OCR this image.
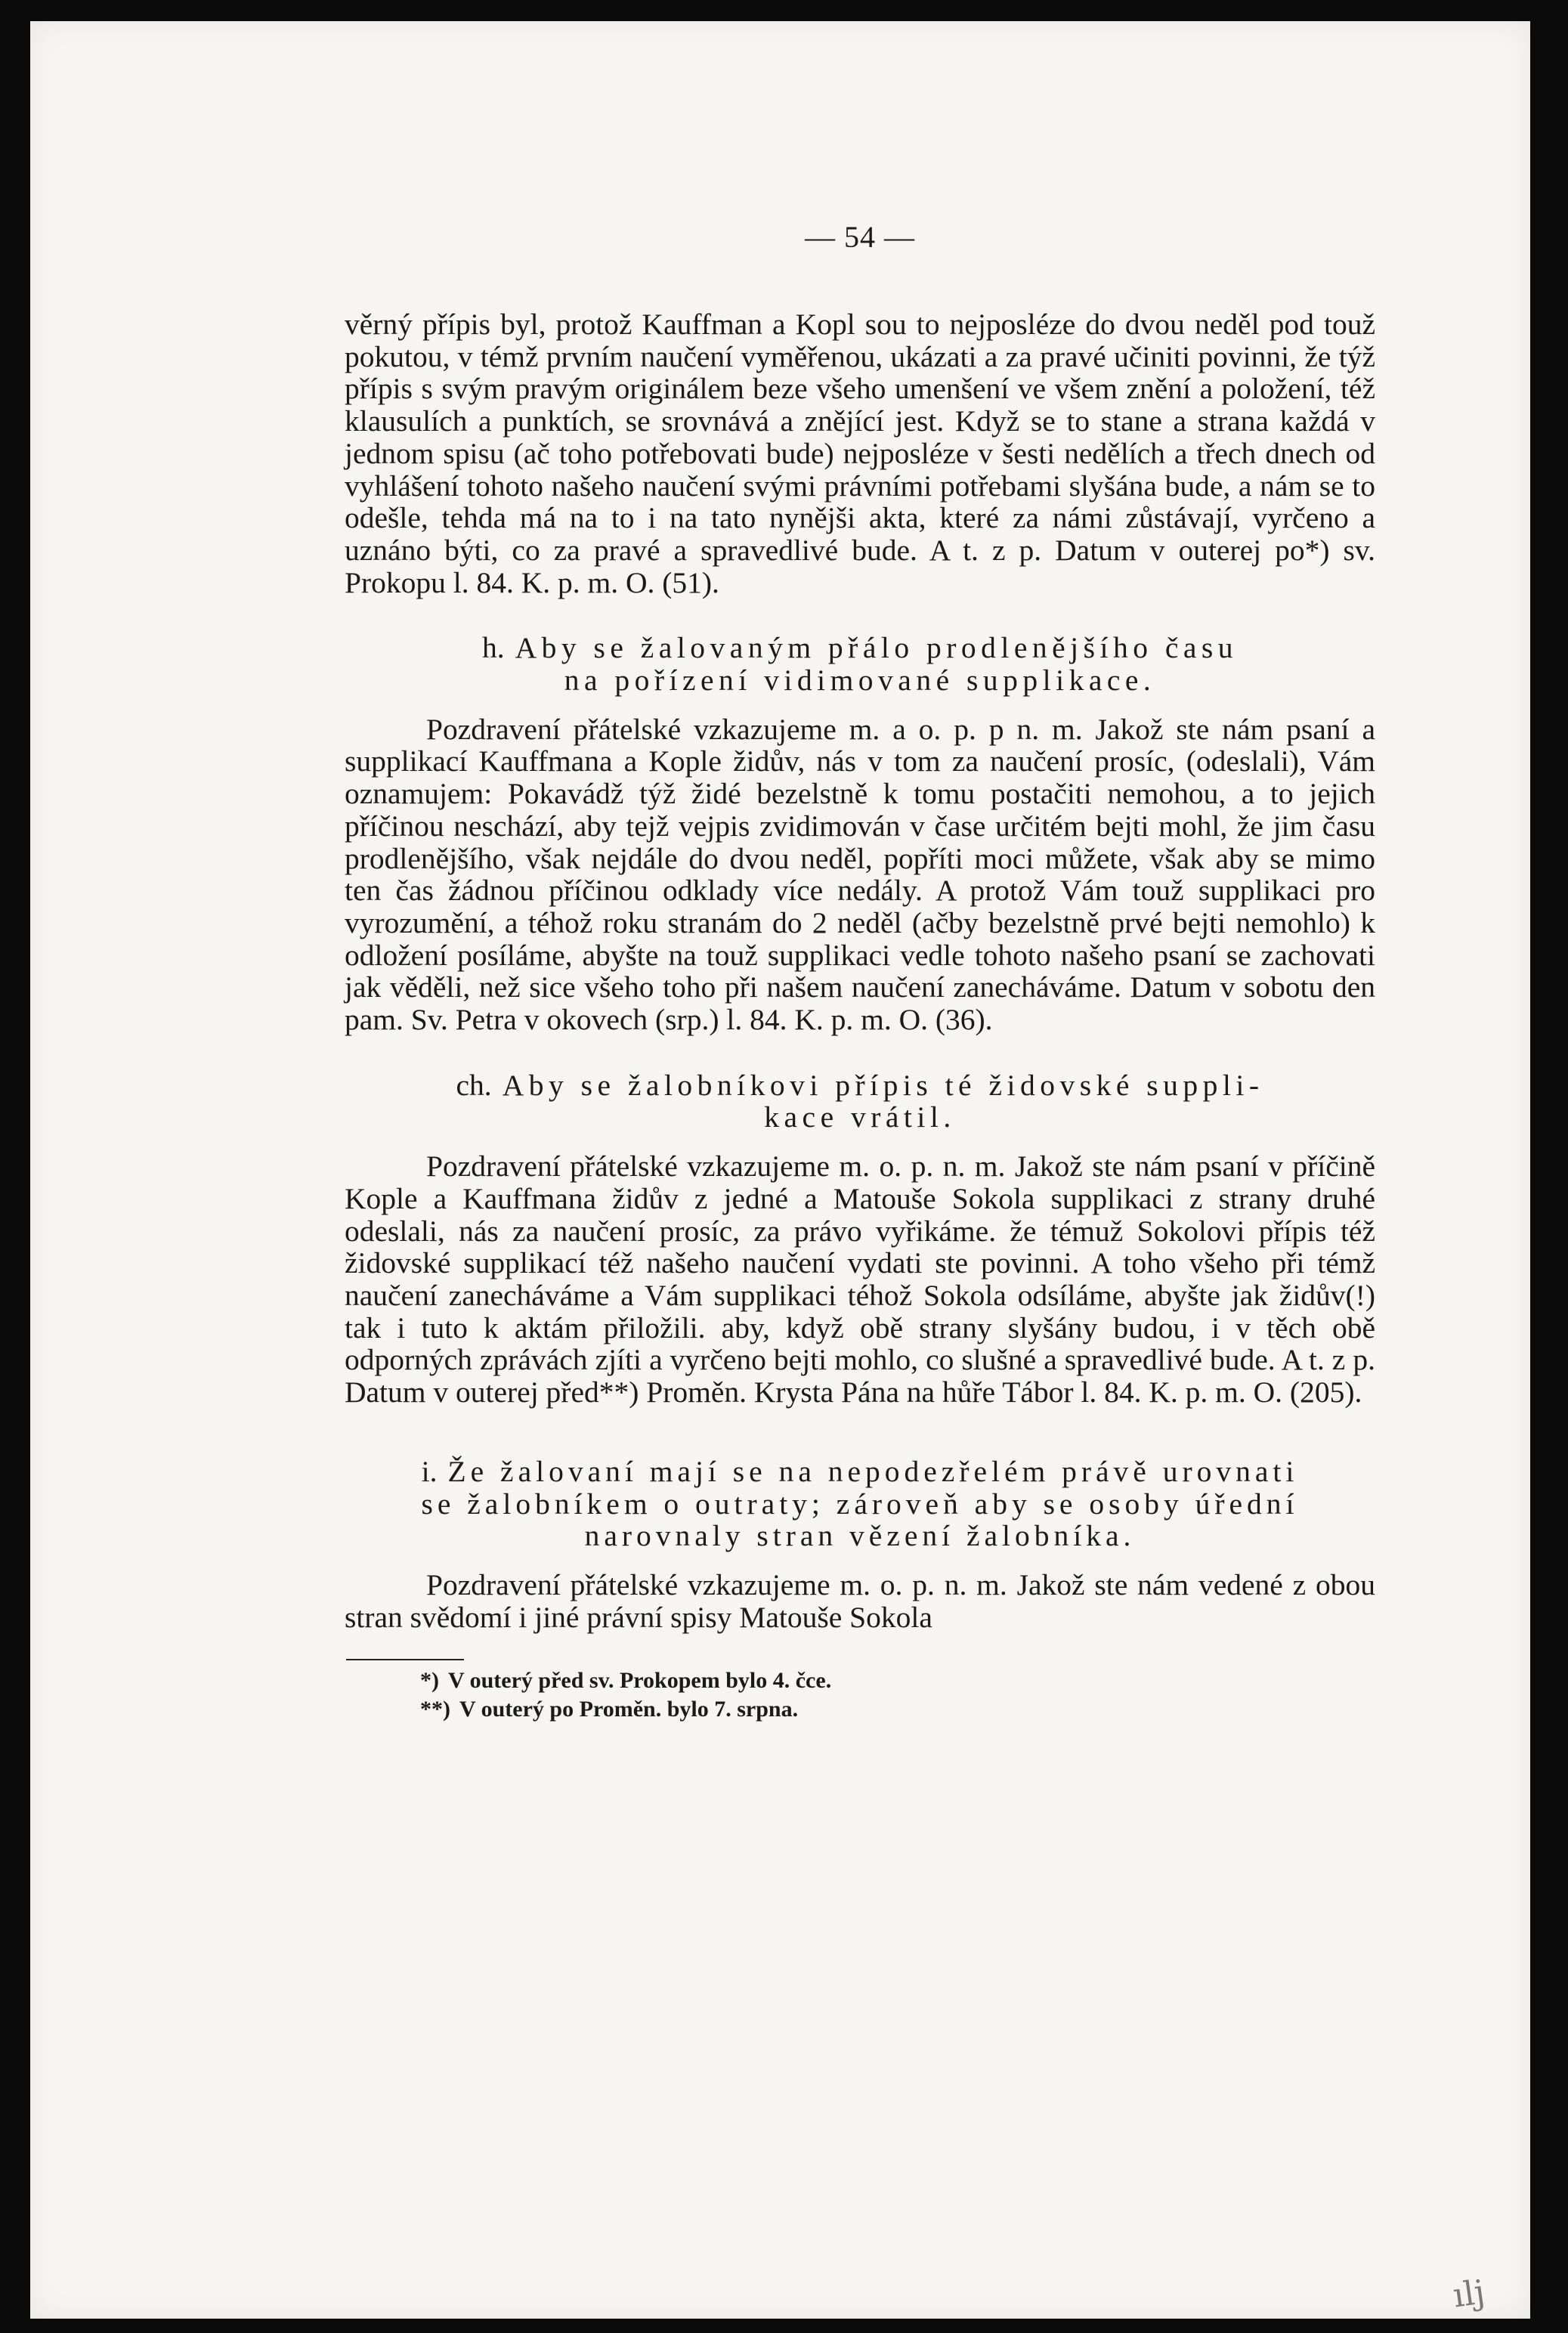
— 54 —

věrný přípis byl, protož Kauffman a Kopl sou to nejposléze do dvou neděl pod touž pokutou, v témž prvním naučení vyměřenou, ukázati a za pravé učiniti povinni, že týž přípis s svým pravým originálem beze všeho umenšení ve všem znění a položení, též klausulích a punktích, se srovnává a znějící jest. Když se to stane a strana každá v jednom spisu (ač toho potřebovati bude) nejposléze v šesti nedělích a třech dnech od vyhlášení tohoto našeho naučení svými právními potřebami slyšána bude, a nám se to odešle, tehda má na to i na tato nynějši akta, které za námi zůstávají, vyrčeno a uznáno býti, co za pravé a spravedlivé bude. A t. z p. Datum v outerej po*) sv. Prokopu l. 84. K. p. m. O. (51).

h. Aby se žalovaným přálo prodlenějšího času
na pořízení vidimované supplikace.

Pozdravení přátelské vzkazujeme m. a o. p. p n. m. Jakož ste nám psaní a supplikací Kauffmana a Kople židův, nás v tom za naučení prosíc, (odeslali), Vám oznamujem: Pokavádž týž židé bezelstně k tomu postačiti nemohou, a to jejich příčinou neschází, aby tejž vejpis zvidimován v čase určitém bejti mohl, že jim času prodlenějšího, však nejdále do dvou neděl, popříti moci můžete, však aby se mimo ten čas žádnou příčinou odklady více nedály. A protož Vám touž supplikaci pro vyrozumění, a téhož roku stranám do 2 neděl (ačby bezelstně prvé bejti nemohlo) k odložení posíláme, abyšte na touž supplikaci vedle tohoto našeho psaní se zachovati jak věděli, než sice všeho toho při našem naučení zanecháváme. Datum v sobotu den pam. Sv. Petra v okovech (srp.) l. 84. K. p. m. O. (36).

ch. Aby se žalobníkovi přípis té židovské suppli-
kace vrátil.

Pozdravení přátelské vzkazujeme m. o. p. n. m. Jakož ste nám psaní v příčině Kople a Kauffmana židův z jedné a Matouše Sokola supplikaci z strany druhé odeslali, nás za naučení prosíc, za právo vyřikáme. že témuž Sokolovi přípis též židovské supplikací též našeho naučení vydati ste povinni. A toho všeho při témž naučení zanecháváme a Vám supplikaci téhož Sokola odsíláme, abyšte jak židův(!) tak i tuto k aktám přiložili. aby, když obě strany slyšány budou, i v těch obě odporných zprávách zjíti a vyrčeno bejti mohlo, co slušné a spravedlivé bude. A t. z p. Datum v outerej před**) Proměn. Krysta Pána na hůře Tábor l. 84. K. p. m. O. (205).

i. Že žalovaní mají se na nepodezřelém právě urovnati
se žalobníkem o outraty; zároveň aby se osoby úřední
narovnaly stran vězení žalobníka.

Pozdravení přátelské vzkazujeme m. o. p. n. m. Jakož ste nám vedené z obou stran svědomí i jiné právní spisy Matouše Sokola

*) V outerý před sv. Prokopem bylo 4. čce.
**) V outerý po Proměn. bylo 7. srpna.
ılj
